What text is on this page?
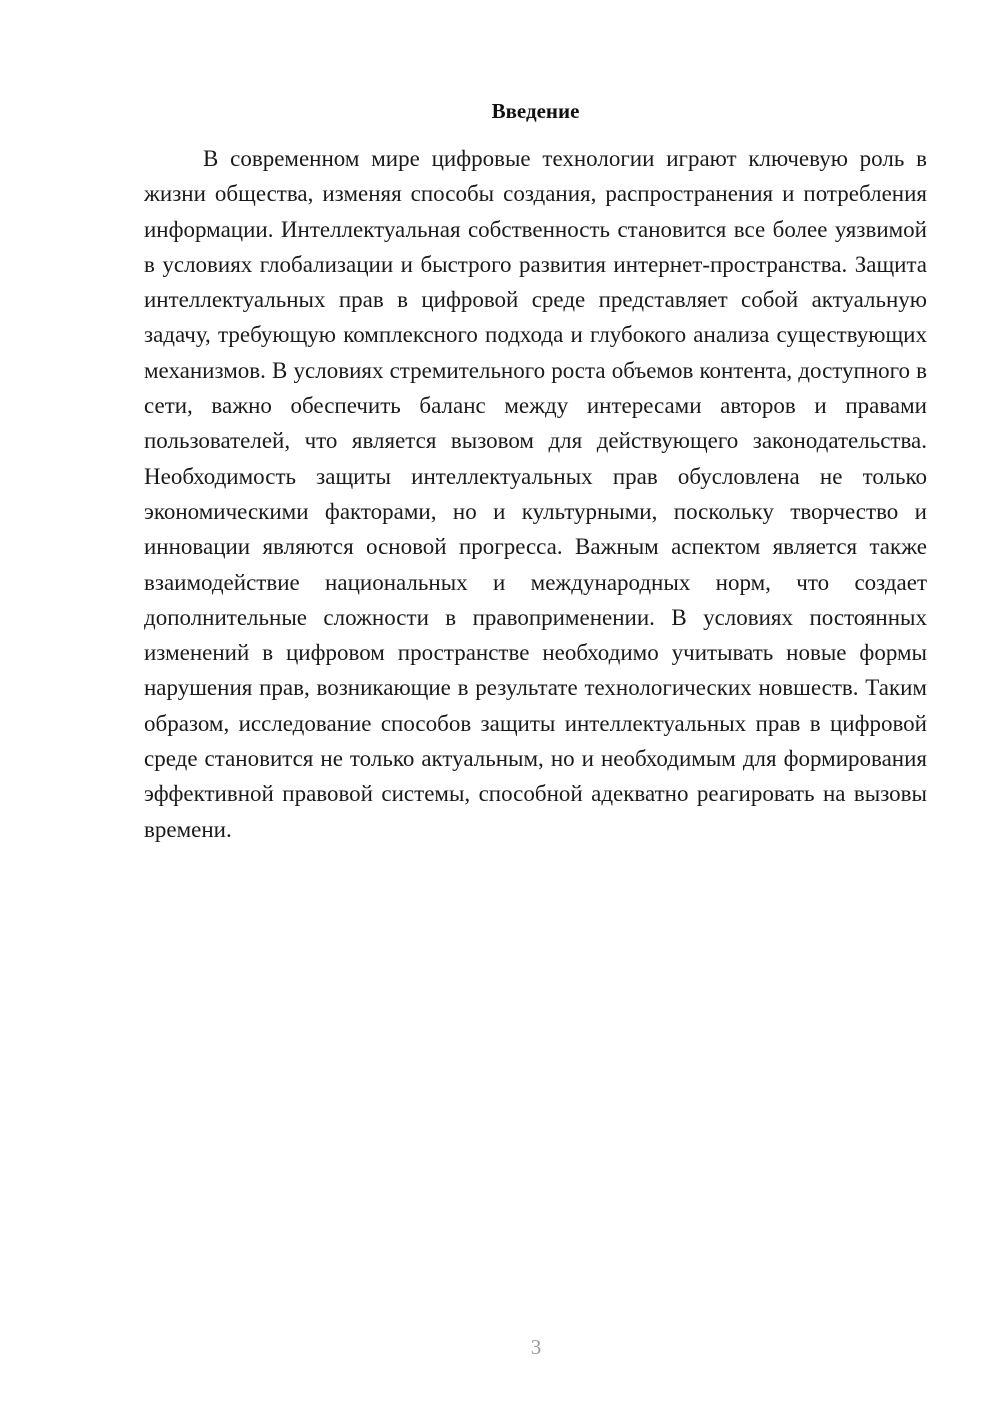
Введение

В современном мире цифровые технологии играют ключевую роль в жизни общества, изменяя способы создания, распространения и потребления информации. Интеллектуальная собственность становится все более уязвимой в условиях глобализации и быстрого развития интернет-пространства. Защита интеллектуальных прав в цифровой среде представляет собой актуальную задачу, требующую комплексного подхода и глубокого анализа существующих механизмов. В условиях стремительного роста объемов контента, доступного в сети, важно обеспечить баланс между интересами авторов и правами пользователей, что является вызовом для действующего законодательства. Необходимость защиты интеллектуальных прав обусловлена не только экономическими факторами, но и культурными, поскольку творчество и инновации являются основой прогресса. Важным аспектом является также взаимодействие национальных и международных норм, что создает дополнительные сложности в правоприменении. В условиях постоянных изменений в цифровом пространстве необходимо учитывать новые формы нарушения прав, возникающие в результате технологических новшеств. Таким образом, исследование способов защиты интеллектуальных прав в цифровой среде становится не только актуальным, но и необходимым для формирования эффективной правовой системы, способной адекватно реагировать на вызовы времени.

3
